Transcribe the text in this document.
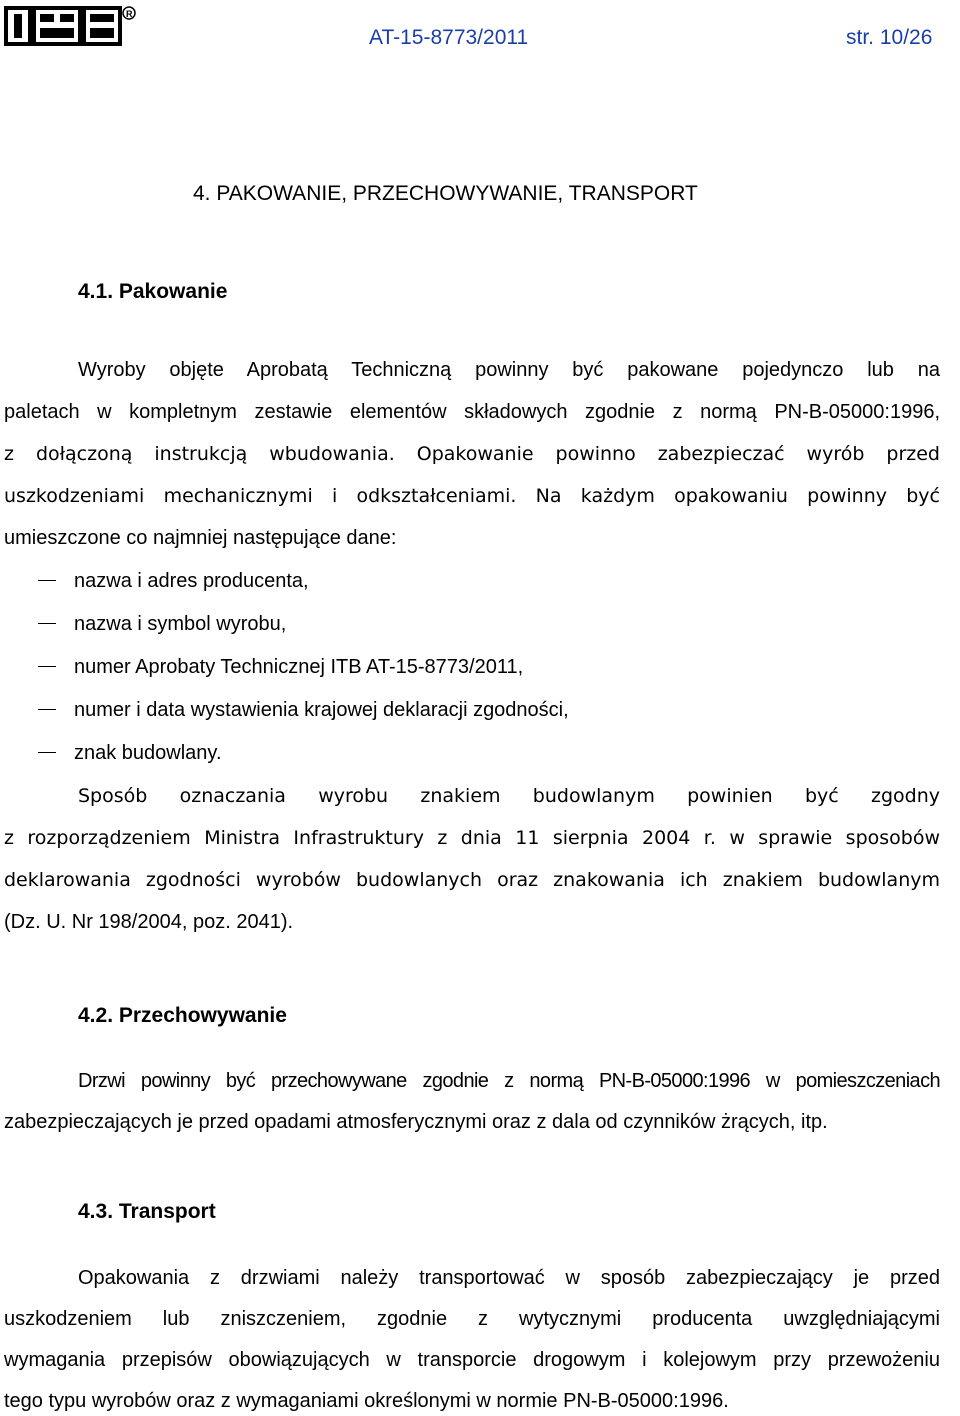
R
AT-15-8773/2011	str. 10/26
4. PAKOWANIE, PRZECHOWYWANIE, TRANSPORT
4.1. Pakowanie
Wyroby objęte Aprobatą Techniczną powinny być pakowane pojedynczo lub na
paletach w kompletnym zestawie elementów składowych zgodnie z normą PN-B-05000:1996,
z dołączoną instrukcją wbudowania. Opakowanie powinno zabezpieczać wyrób przed
uszkodzeniami mechanicznymi i odkształceniami. Na każdym opakowaniu powinny być
umieszczone co najmniej następujące dane:
nazwa i adres producenta,
nazwa i symbol wyrobu,
numer Aprobaty Technicznej ITB AT-15-8773/2011,
numer i data wystawienia krajowej deklaracji zgodności,
znak budowlany.
Sposób oznaczania wyrobu znakiem budowlanym powinien być zgodny
z rozporządzeniem Ministra Infrastruktury z dnia 11 sierpnia 2004 r. w sprawie sposobów
deklarowania zgodności wyrobów budowlanych oraz znakowania ich znakiem budowlanym
(Dz. U. Nr 198/2004, poz. 2041).
4.2. Przechowywanie
Drzwi powinny być przechowywane zgodnie z normą PN-B-05000:1996 w pomieszczeniach
zabezpieczających je przed opadami atmosferycznymi oraz z dala od czynników żrących, itp.
4.3. Transport
Opakowania z drzwiami należy transportować w sposób zabezpieczający je przed
uszkodzeniem lub zniszczeniem, zgodnie z wytycznymi producenta uwzględniającymi
wymagania przepisów obowiązujących w transporcie drogowym i kolejowym przy przewożeniu
tego typu wyrobów oraz z wymaganiami określonymi w normie PN-B-05000:1996.
